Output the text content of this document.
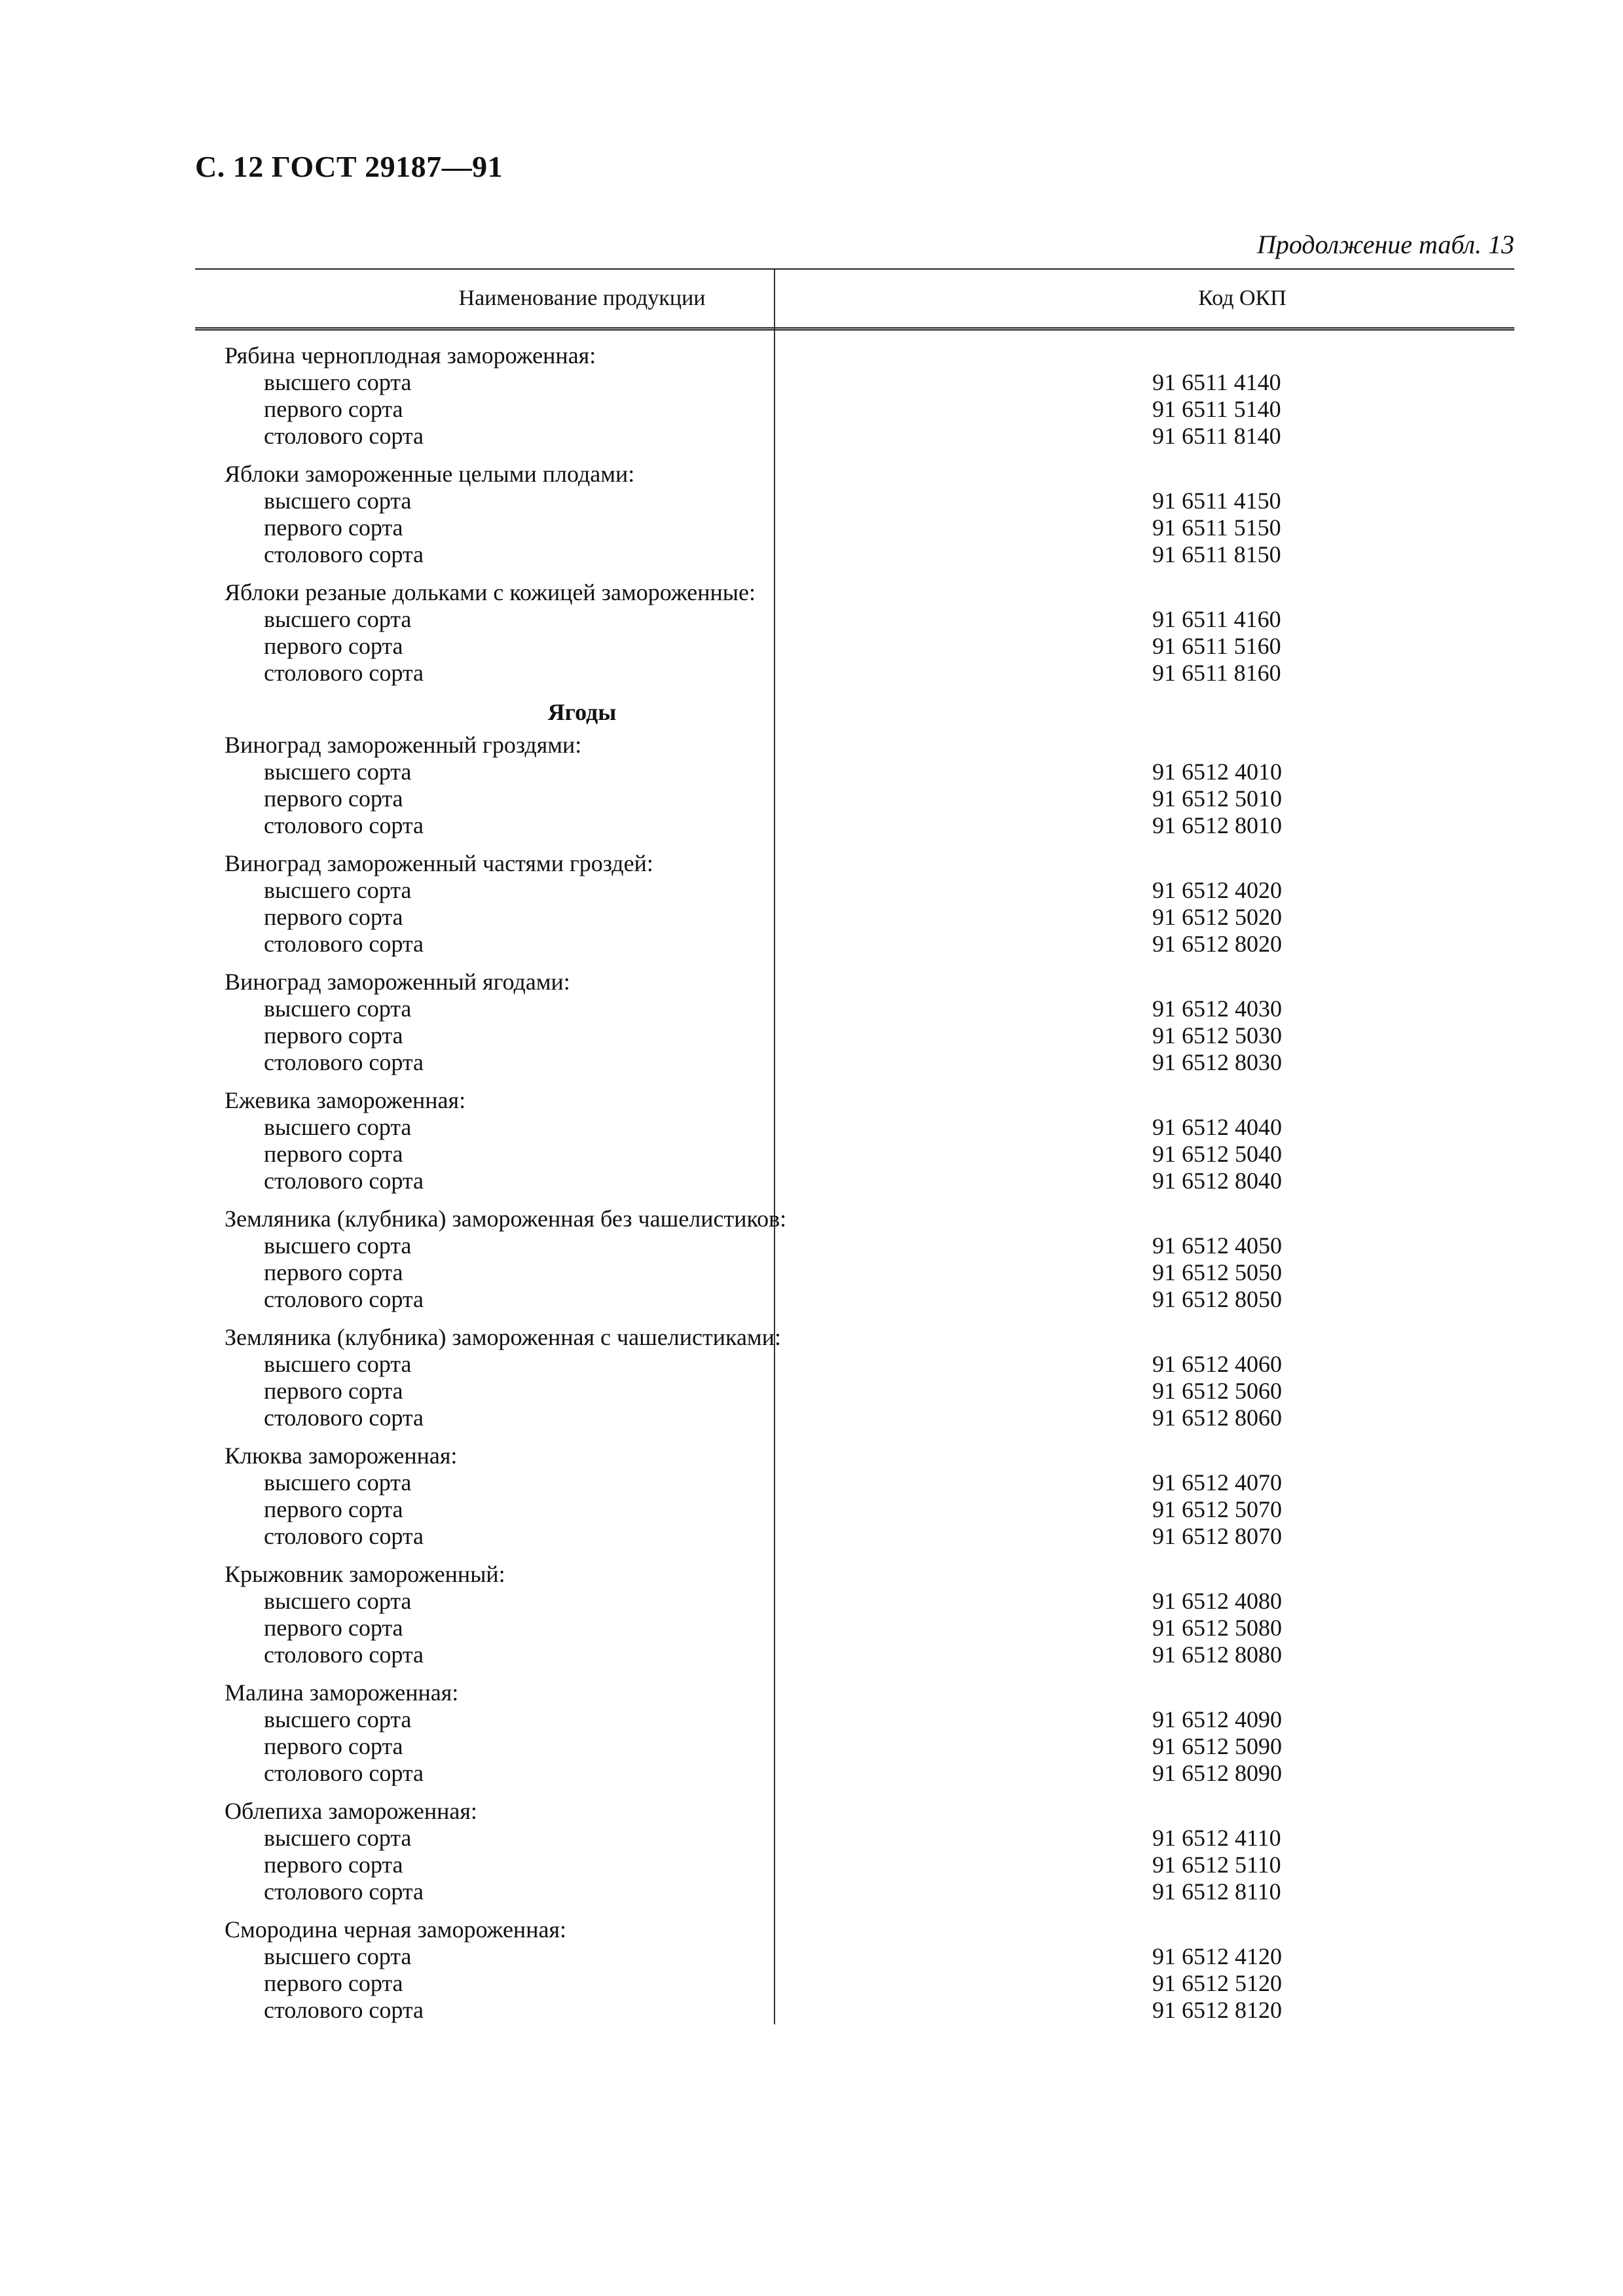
С. 12 ГОСТ 29187—91
Продолжение табл. 13
Наименование продукции	Код ОКП
Рябина черноплодная замороженная:
высшего сорта	91 6511 4140
первого сорта	91 6511 5140
столового сорта	91 6511 8140
Яблоки замороженные целыми плодами:
высшего сорта	91 6511 4150
первого сорта	91 6511 5150
столового сорта	91 6511 8150
Яблоки резаные дольками с кожицей замороженные:
высшего сорта	91 6511 4160
первого сорта	91 6511 5160
столового сорта	91 6511 8160
Ягоды
Виноград замороженный гроздями:
высшего сорта	91 6512 4010
первого сорта	91 6512 5010
столового сорта	91 6512 8010
Виноград замороженный частями гроздей:
высшего сорта	91 6512 4020
первого сорта	91 6512 5020
столового сорта	91 6512 8020
Виноград замороженный ягодами:
высшего сорта	91 6512 4030
первого сорта	91 6512 5030
столового сорта	91 6512 8030
Ежевика замороженная:
высшего сорта	91 6512 4040
первого сорта	91 6512 5040
столового сорта	91 6512 8040
Земляника (клубника) замороженная без чашелистиков:
высшего сорта	91 6512 4050
первого сорта	91 6512 5050
столового сорта	91 6512 8050
Земляника (клубника) замороженная с чашелистиками:
высшего сорта	91 6512 4060
первого сорта	91 6512 5060
столового сорта	91 6512 8060
Клюква замороженная:
высшего сорта	91 6512 4070
первого сорта	91 6512 5070
столового сорта	91 6512 8070
Крыжовник замороженный:
высшего сорта	91 6512 4080
первого сорта	91 6512 5080
столового сорта	91 6512 8080
Малина замороженная:
высшего сорта	91 6512 4090
первого сорта	91 6512 5090
столового сорта	91 6512 8090
Облепиха замороженная:
высшего сорта	91 6512 4110
первого сорта	91 6512 5110
столового сорта	91 6512 8110
Смородина черная замороженная:
высшего сорта	91 6512 4120
первого сорта	91 6512 5120
столового сорта	91 6512 8120
